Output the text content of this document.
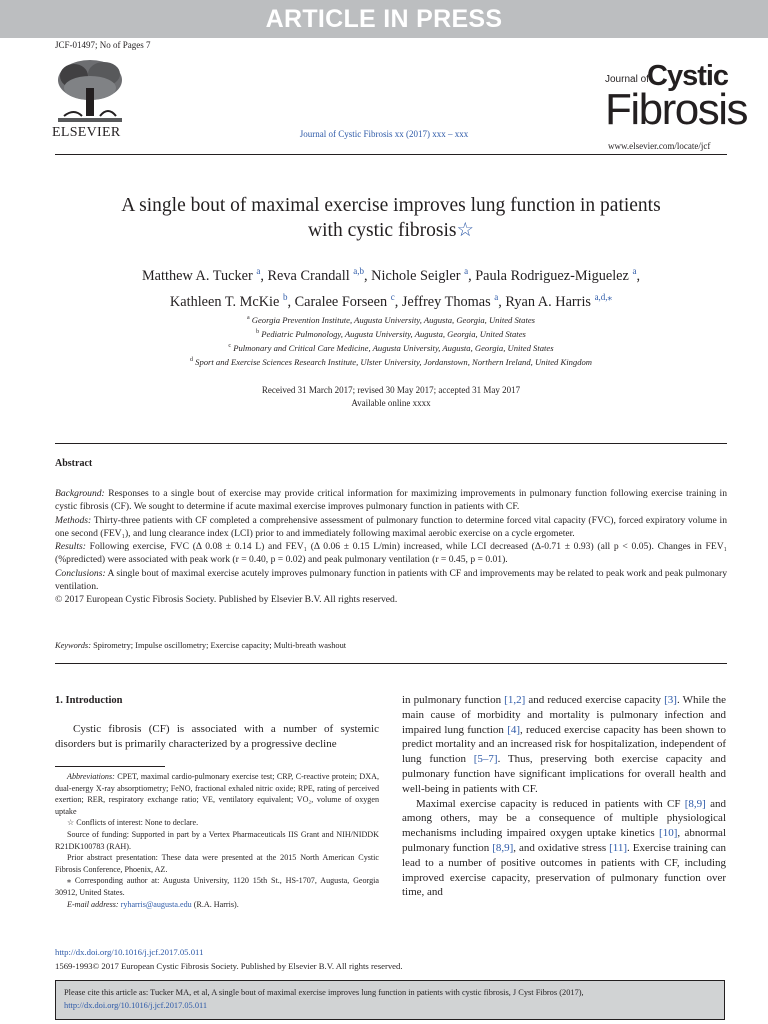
ARTICLE IN PRESS
JCF-01497; No of Pages 7
ELSEVIER	Journal of Cystic Fibrosis xx (2017) xxx – xxx
Journal of
Cystic
Fibrosis
www.elsevier.com/locate/jcf
A single bout of maximal exercise improves lung function in patients
with cystic fibrosis☆
Matthew A. Tucker $^a$, Reva Crandall $^{a,b}$, Nichole Seigler $^a$, Paula Rodriguez-Miguelez $^a$,
Kathleen T. McKie $^b$, Caralee Forseen $^c$, Jeffrey Thomas $^a$, Ryan A. Harris $^{a,d,⁎}$
$^a$ Georgia Prevention Institute, Augusta University, Augusta, Georgia, United States
$^b$ Pediatric Pulmonology, Augusta University, Augusta, Georgia, United States
$^c$ Pulmonary and Critical Care Medicine, Augusta University, Augusta, Georgia, United States
$^d$ Sport and Exercise Sciences Research Institute, Ulster University, Jordanstown, Northern Ireland, United Kingdom
Received 31 March 2017; revised 30 May 2017; accepted 31 May 2017
Available online xxxx
Abstract

Background: Responses to a single bout of exercise may provide critical information for maximizing improvements in pulmonary function following exercise training in cystic fibrosis (CF). We sought to determine if acute maximal exercise improves pulmonary function in patients with CF.

Methods: Thirty-three patients with CF completed a comprehensive assessment of pulmonary function to determine forced vital capacity (FVC), forced expiratory volume in one second (FEV₁), and lung clearance index (LCI) prior to and immediately following maximal aerobic exercise on a cycle ergometer.

Results: Following exercise, FVC (Δ 0.08 ± 0.14 L) and FEV₁ (Δ 0.06 ± 0.15 L/min) increased, while LCI decreased (Δ-0.71 ± 0.93) (all p < 0.05). Changes in FEV₁ (%predicted) were associated with peak work (r = 0.40, p = 0.02) and peak pulmonary ventilation (r = 0.45, p = 0.01).

Conclusions: A single bout of maximal exercise acutely improves pulmonary function in patients with CF and improvements may be related to peak work and peak pulmonary ventilation.

© 2017 European Cystic Fibrosis Society. Published by Elsevier B.V. All rights reserved.

Keywords: Spirometry; Impulse oscillometry; Exercise capacity; Multi-breath washout
1. Introduction

Cystic fibrosis (CF) is associated with a number of systemic disorders but is primarily characterized by a progressive decline

Abbreviations: CPET, maximal cardio-pulmonary exercise test; CRP, C-reactive protein; DXA, dual-energy X-ray absorptiometry; FeNO, fractional exhaled nitric oxide; RPE, rating of perceived exertion; RER, respiratory exchange ratio; VE, ventilatory equivalent; VO₂, volume of oxygen uptake

☆ Conflicts of interest: None to declare.

Source of funding: Supported in part by a Vertex Pharmaceuticals IIS Grant and NIH/NIDDK R21DK100783 (RAH).

Prior abstract presentation: These data were presented at the 2015 North American Cystic Fibrosis Conference, Phoenix, AZ.

⁎ Corresponding author at: Augusta University, 1120 15th St., HS-1707, Augusta, Georgia 30912, United States.

E-mail address: ryharris@augusta.edu (R.A. Harris).

in pulmonary function [1,2] and reduced exercise capacity [3]. While the main cause of morbidity and mortality is pulmonary infection and impaired lung function [4], reduced exercise capacity has been shown to predict mortality and an increased risk for hospitalization, independent of lung function [5–7]. Thus, preserving both exercise capacity and pulmonary function have significant implications for overall health and well-being in patients with CF.

Maximal exercise capacity is reduced in patients with CF [8,9] and among others, may be a consequence of multiple physiological mechanisms including impaired oxygen uptake kinetics [10], abnormal pulmonary function [8,9], and oxidative stress [11]. Exercise training can lead to a number of positive outcomes in patients with CF, including improved exercise capacity, preservation of pulmonary function over time, and

http://dx.doi.org/10.1016/j.jcf.2017.05.011
1569-1993© 2017 European Cystic Fibrosis Society. Published by Elsevier B.V. All rights reserved.
Please cite this article as: Tucker MA, et al, A single bout of maximal exercise improves lung function in patients with cystic fibrosis, J Cyst Fibros (2017), http://dx.doi.org/10.1016/j.jcf.2017.05.011
